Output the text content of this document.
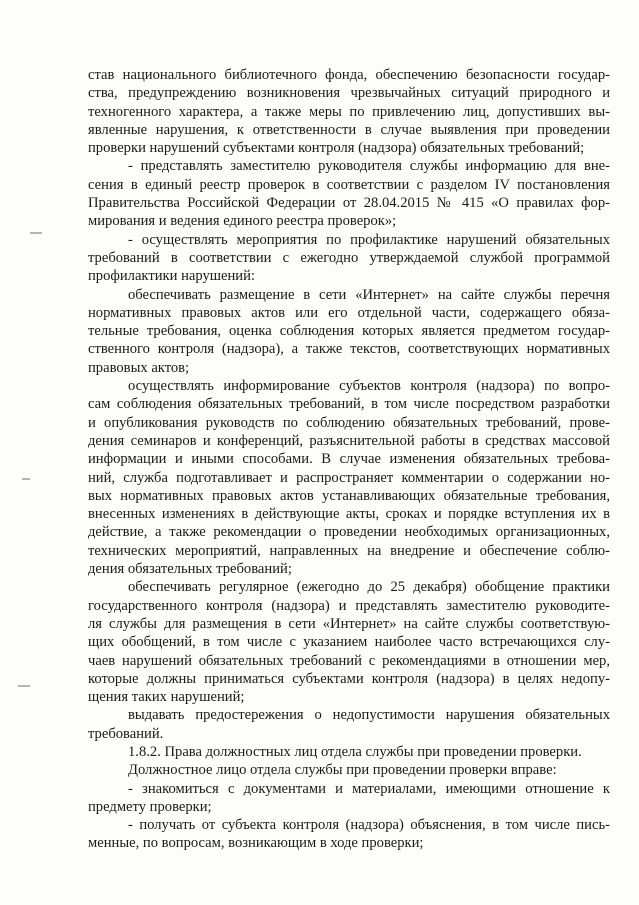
став национального библиотечного фонда, обеспечению безопасности государ-
ства, предупреждению возникновения чрезвычайных ситуаций природного и
техногенного характера, а также меры по привлечению лиц, допустивших вы-
явленные нарушения, к ответственности в случае выявления при проведении
проверки нарушений субъектами контроля (надзора) обязательных требований;
- представлять заместителю руководителя службы информацию для вне-
сения в единый реестр проверок в соответствии с разделом IV постановления
Правительства Российской Федерации от 28.04.2015 № 415 «О правилах фор-
мирования и ведения единого реестра проверок»;
- осуществлять мероприятия по профилактике нарушений обязательных
требований в соответствии с ежегодно утверждаемой службой программой
профилактики нарушений:
обеспечивать размещение в сети «Интернет» на сайте службы перечня
нормативных правовых актов или его отдельной части, содержащего обяза-
тельные требования, оценка соблюдения которых является предметом государ-
ственного контроля (надзора), а также текстов, соответствующих нормативных
правовых актов;
осуществлять информирование субъектов контроля (надзора) по вопро-
сам соблюдения обязательных требований, в том числе посредством разработки
и опубликования руководств по соблюдению обязательных требований, прове-
дения семинаров и конференций, разъяснительной работы в средствах массовой
информации и иными способами. В случае изменения обязательных требова-
ний, служба подготавливает и распространяет комментарии о содержании но-
вых нормативных правовых актов устанавливающих обязательные требования,
внесенных изменениях в действующие акты, сроках и порядке вступления их в
действие, а также рекомендации о проведении необходимых организационных,
технических мероприятий, направленных на внедрение и обеспечение соблю-
дения обязательных требований;
обеспечивать регулярное (ежегодно до 25 декабря) обобщение практики
государственного контроля (надзора) и представлять заместителю руководите-
ля службы для размещения в сети «Интернет» на сайте службы соответствую-
щих обобщений, в том числе с указанием наиболее часто встречающихся слу-
чаев нарушений обязательных требований с рекомендациями в отношении мер,
которые должны приниматься субъектами контроля (надзора) в целях недопу-
щения таких нарушений;
выдавать предостережения о недопустимости нарушения обязательных
требований.
1.8.2. Права должностных лиц отдела службы при проведении проверки.
Должностное лицо отдела службы при проведении проверки вправе:
- знакомиться с документами и материалами, имеющими отношение к
предмету проверки;
- получать от субъекта контроля (надзора) объяснения, в том числе пись-
менные, по вопросам, возникающим в ходе проверки;
